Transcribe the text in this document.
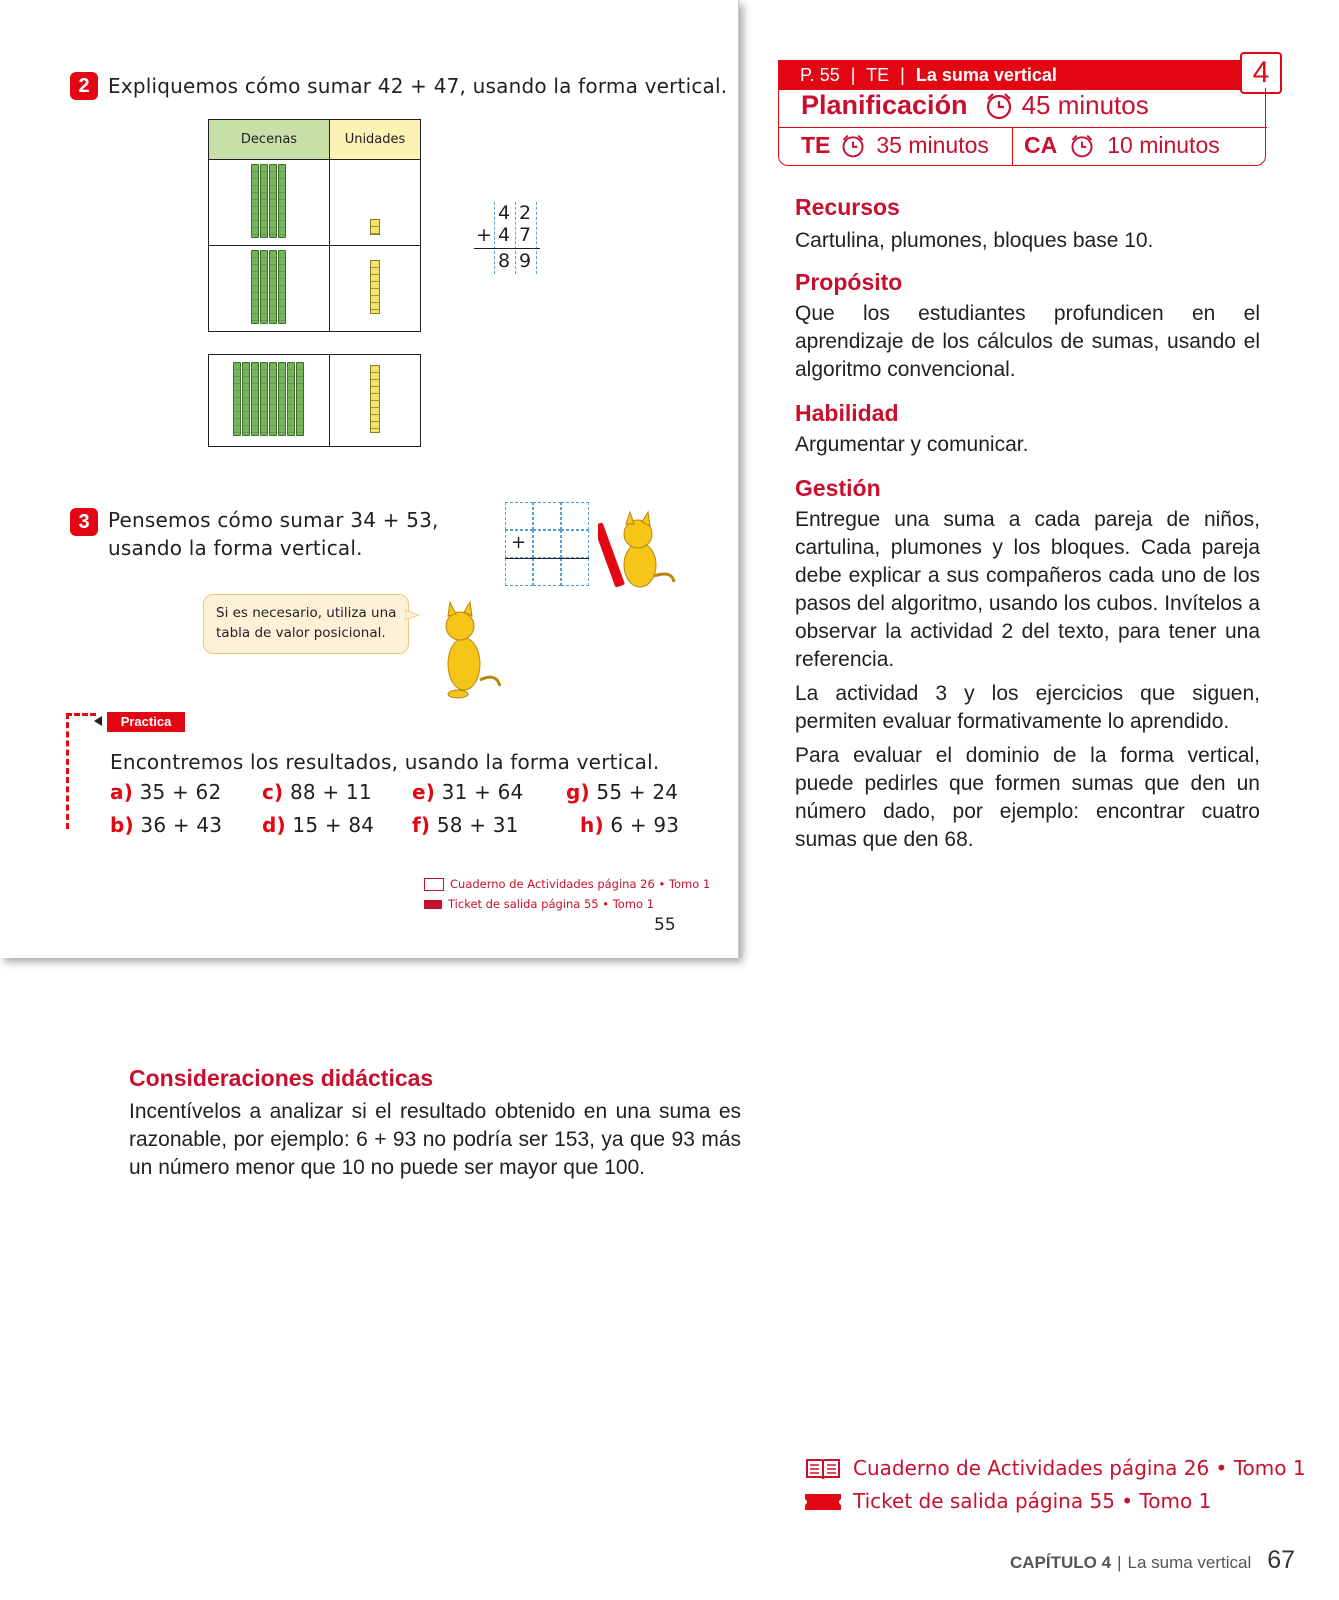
2 Expliquemos cómo sumar 42 + 47, usando la forma vertical.
Decenas	Unidades

4 2
+ 4 7
8 9
3 Pensemos cómo sumar 34 + 53,
usando la forma vertical.	+
Si es necesario, utiliza una
tabla de valor posicional.
Practica
Encontremos los resultados, usando la forma vertical.
a) 35 + 62 c) 88 + 11 e) 31 + 64 g) 55 + 24
b) 36 + 43 d) 15 + 84 f) 58 + 31	h) 6 + 93
Cuaderno de Actividades página 26 • Tomo 1
Ticket de salida página 55 • Tomo 1
55
P. 55 | TE | La suma vertical	4
Planificación 45 minutos
TE 35 minutos CA 10 minutos
Recursos
Cartulina, plumones, bloques base 10.
Propósito
Que los estudiantes profundicen en el aprendizaje de los cálculos de sumas, usando el algoritmo convencional.
Habilidad
Argumentar y comunicar.
Gestión
Entregue una suma a cada pareja de niños, cartulina, plumones y los bloques. Cada pareja debe explicar a sus compañeros cada uno de los pasos del algoritmo, usando los cubos. Invítelos a observar la actividad 2 del texto, para tener una referencia.
La actividad 3 y los ejercicios que siguen, permiten evaluar formativamente lo aprendido.
Para evaluar el dominio de la forma vertical, puede pedirles que formen sumas que den un número dado, por ejemplo: encontrar cuatro sumas que den 68.
Consideraciones didácticas
Incentívelos a analizar si el resultado obtenido en una suma es razonable, por ejemplo: 6 + 93 no podría ser 153, ya que 93 más un número menor que 10 no puede ser mayor que 100.
Cuaderno de Actividades página 26 • Tomo 1
Ticket de salida página 55 • Tomo 1
CAPÍTULO 4 | La suma vertical 67
